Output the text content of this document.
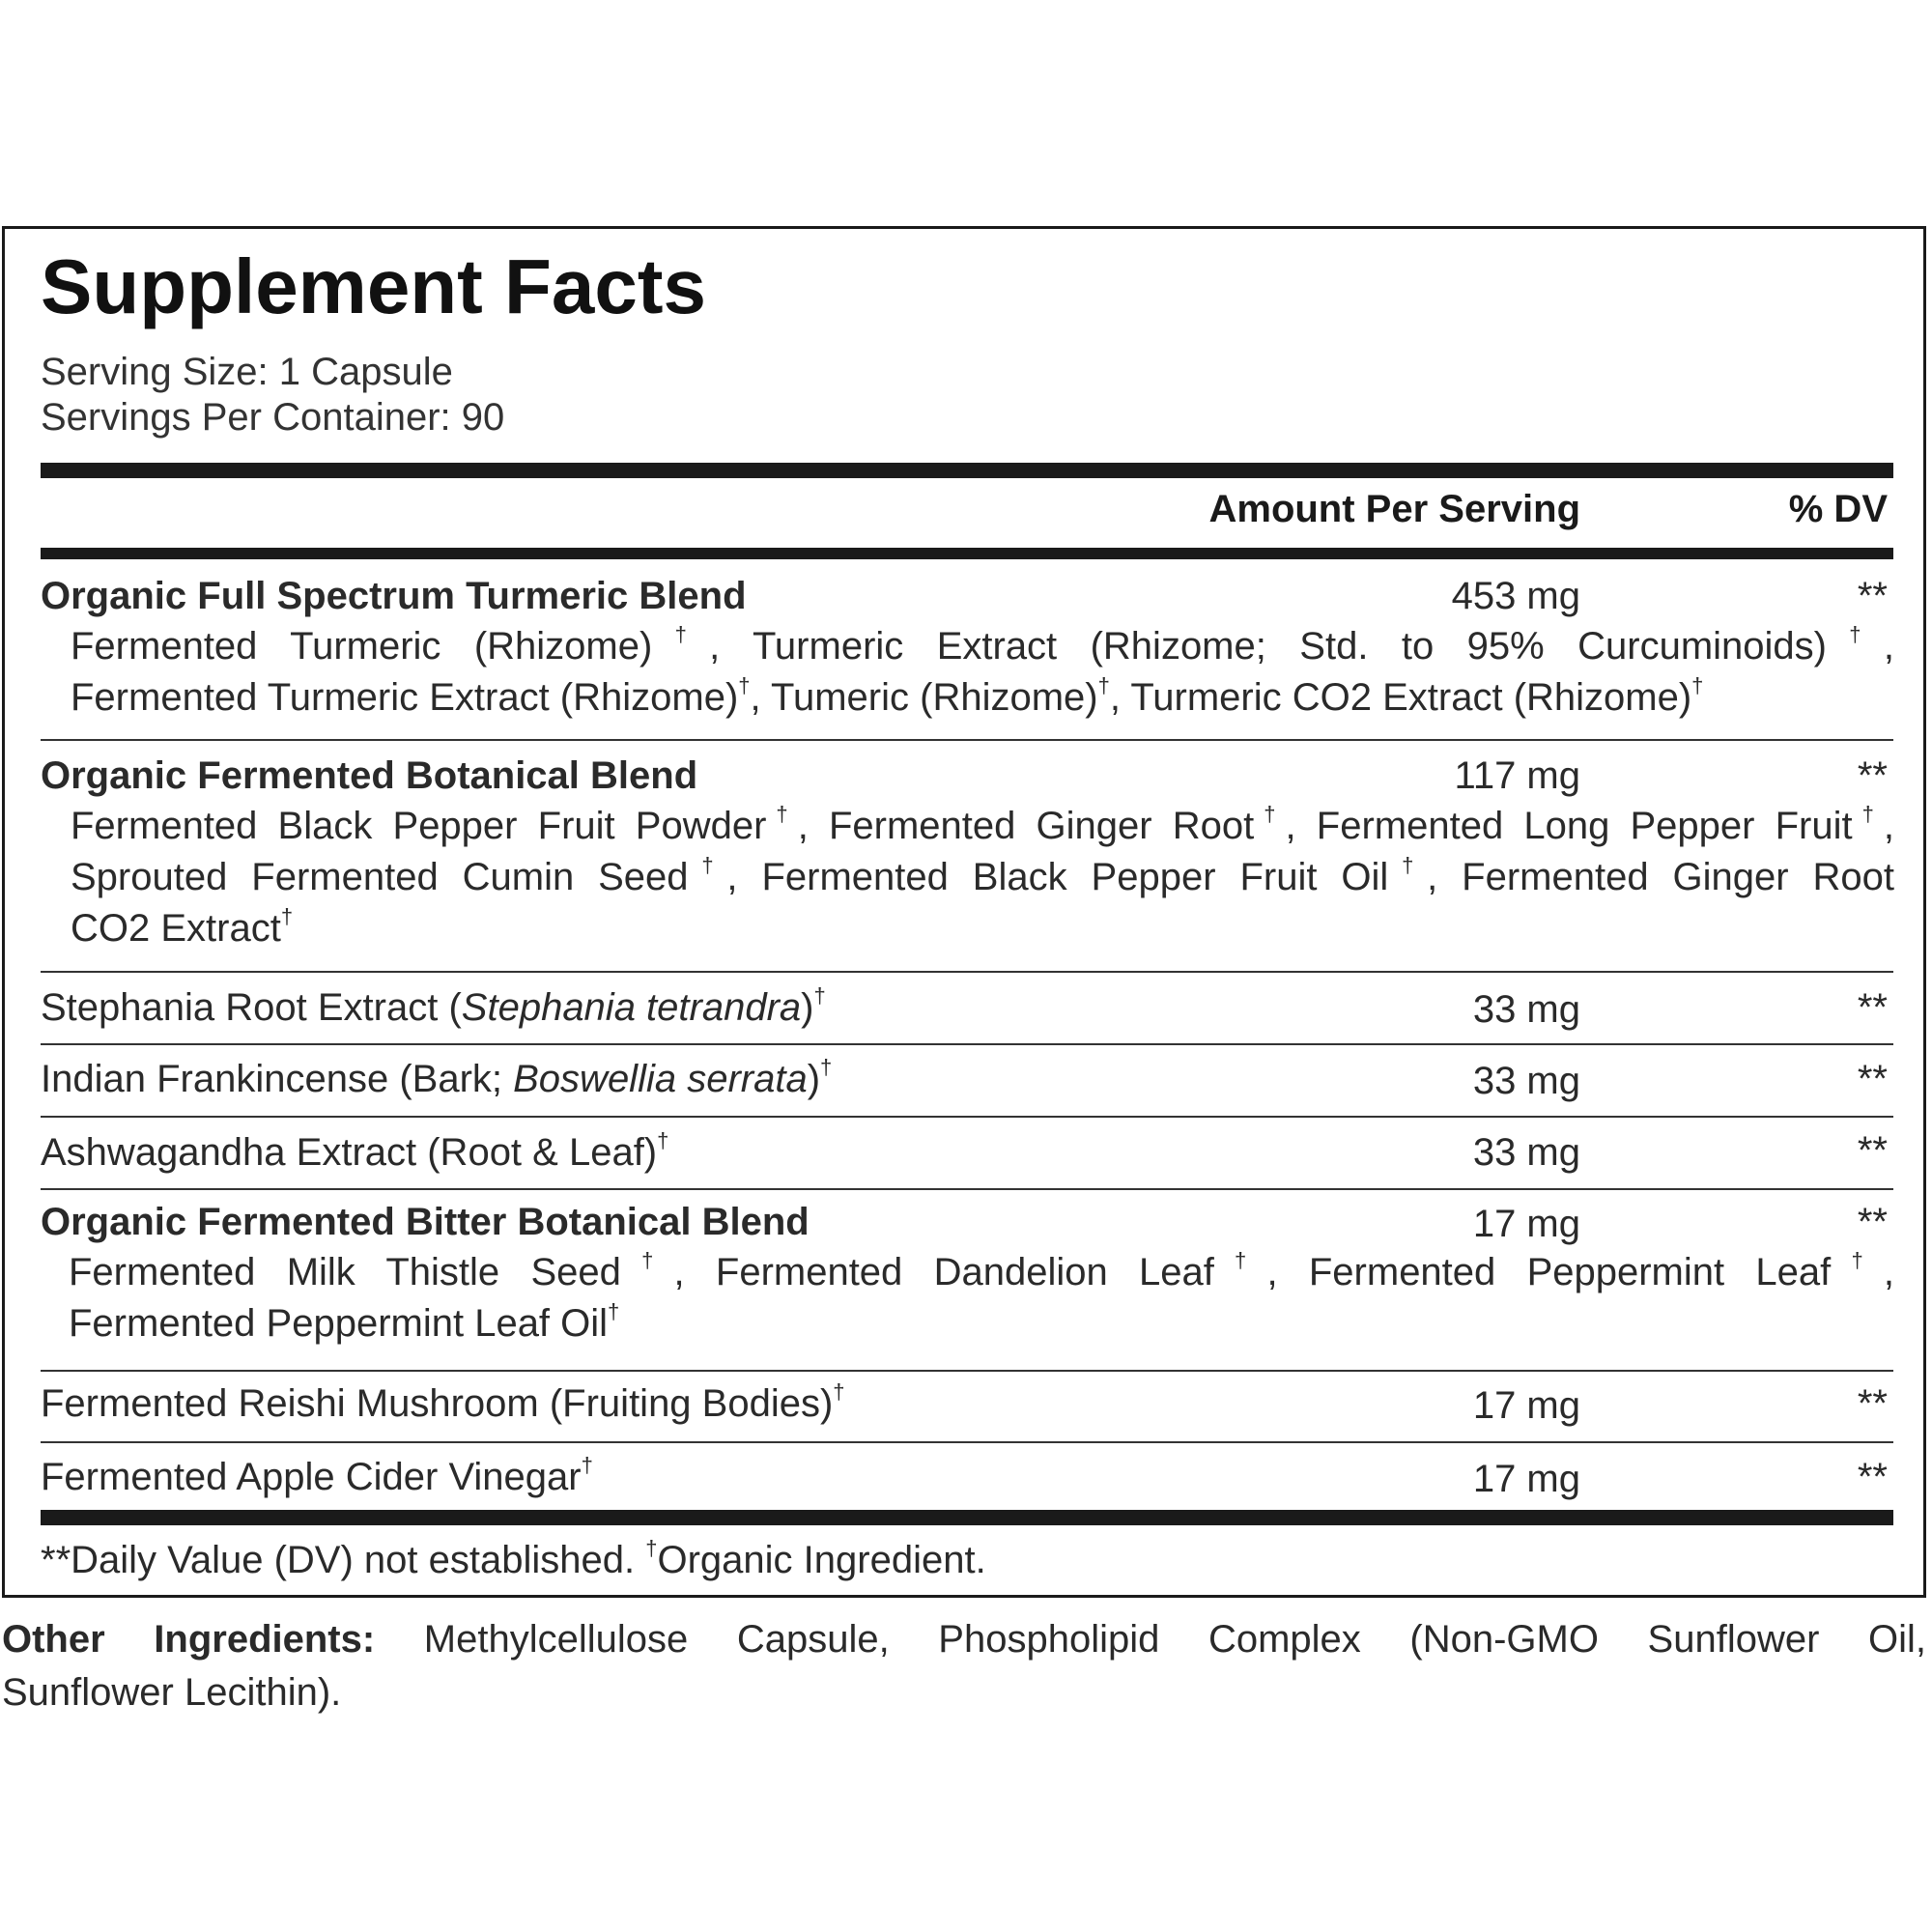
Supplement Facts
Serving Size: 1 Capsule
Servings Per Container: 90
Amount Per Serving	% DV
Organic Full Spectrum Turmeric Blend	453 mg	**
Fermented Turmeric (Rhizome)†, Turmeric Extract (Rhizome; Std. to 95% Curcuminoids)†,
Fermented Turmeric Extract (Rhizome)†, Tumeric (Rhizome)†, Turmeric CO2 Extract (Rhizome)†
Organic Fermented Botanical Blend	117 mg	**
Fermented Black Pepper Fruit Powder†, Fermented Ginger Root†, Fermented Long Pepper Fruit†,
Sprouted Fermented Cumin Seed†, Fermented Black Pepper Fruit Oil†, Fermented Ginger Root
CO2 Extract†
Stephania Root Extract (Stephania tetrandra)†	33 mg	**
Indian Frankincense (Bark; Boswellia serrata)†	33 mg	**
Ashwagandha Extract (Root & Leaf)†	33 mg	**
Organic Fermented Bitter Botanical Blend	17 mg	**
Fermented Milk Thistle Seed†, Fermented Dandelion Leaf†, Fermented Peppermint Leaf†,
Fermented Peppermint Leaf Oil†
Fermented Reishi Mushroom (Fruiting Bodies)†	17 mg	**
Fermented Apple Cider Vinegar†	17 mg	**
**Daily Value (DV) not established. †Organic Ingredient.
Other Ingredients: Methylcellulose Capsule, Phospholipid Complex (Non-GMO Sunflower Oil,
Sunflower Lecithin).
